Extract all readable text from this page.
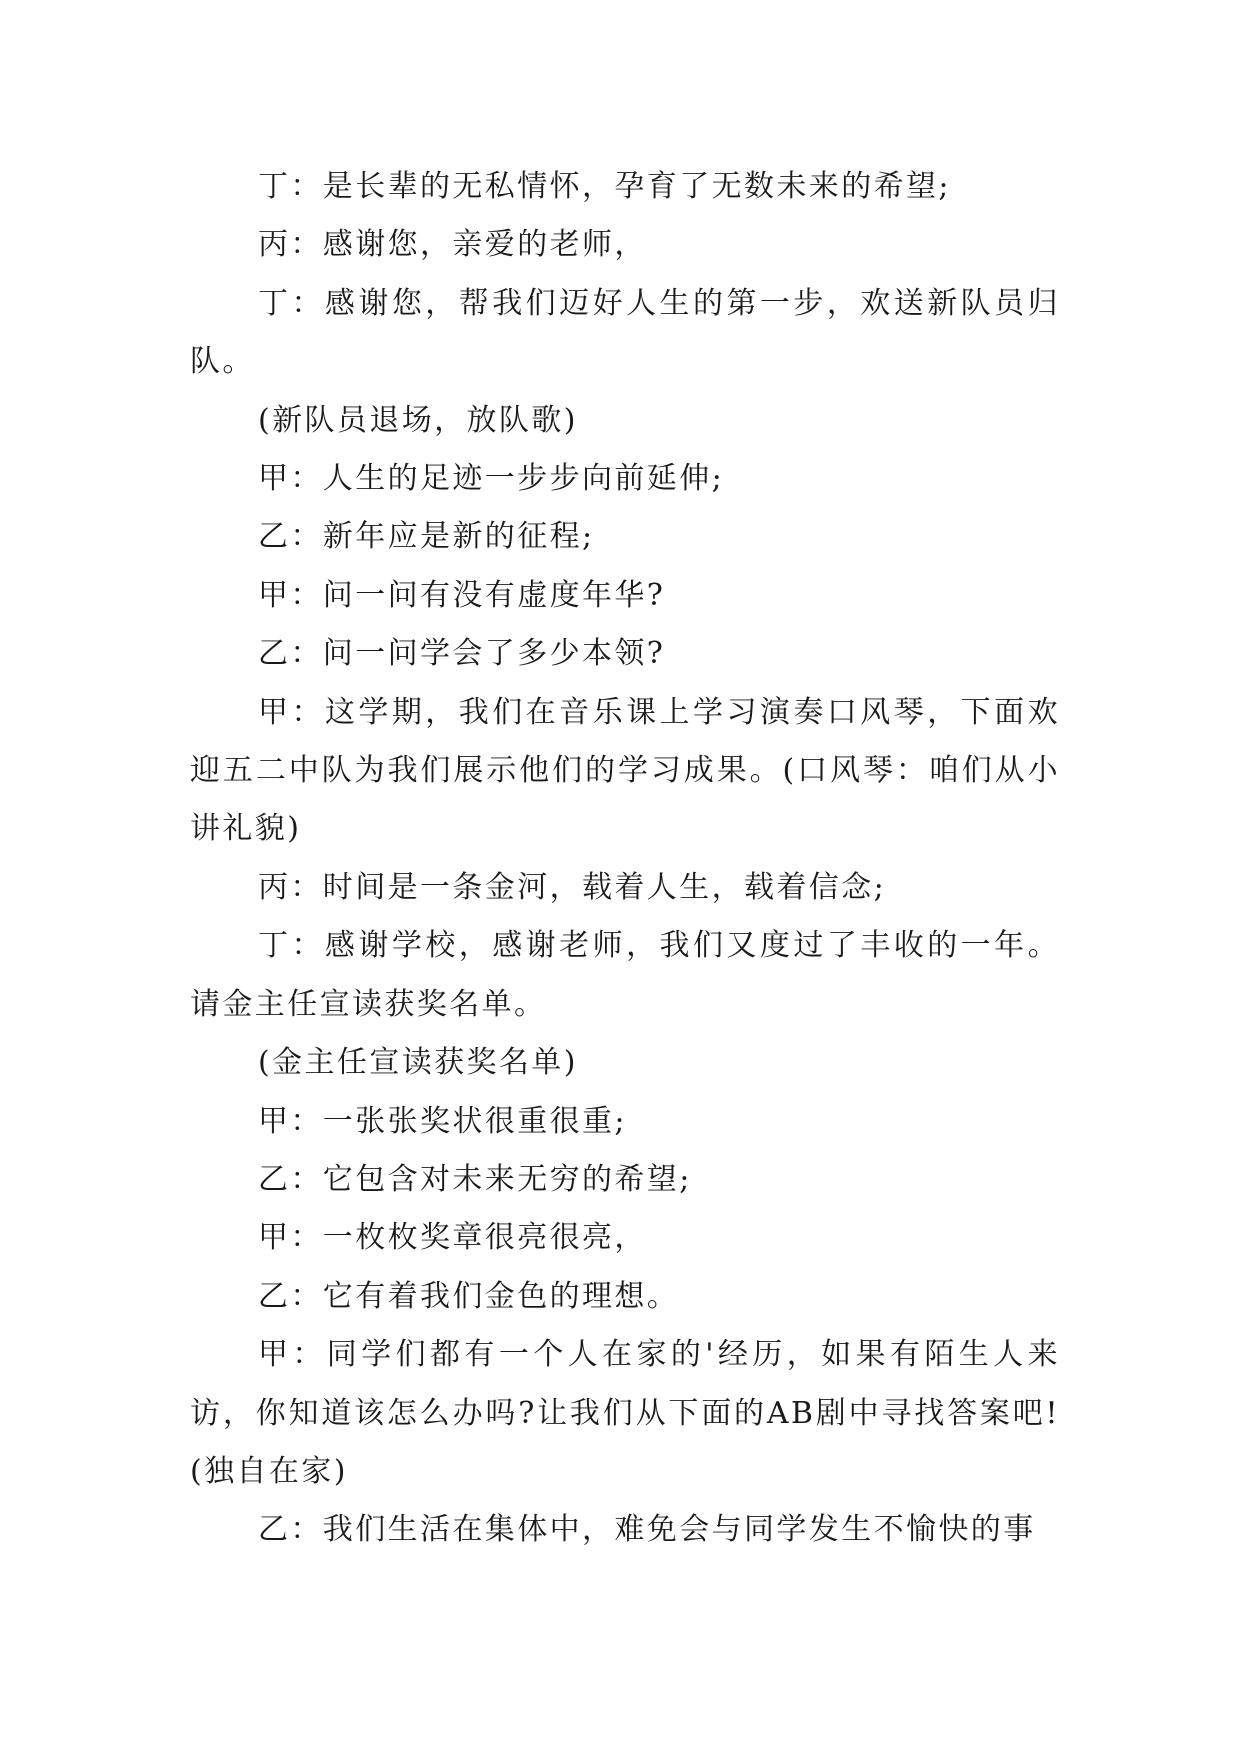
丁：是长辈的无私情怀，孕育了无数未来的希望;

丙：感谢您，亲爱的老师，

丁：感谢您，帮我们迈好人生的第一步，欢送新队员归队。

(新队员退场，放队歌)

甲：人生的足迹一步步向前延伸;

乙：新年应是新的征程;

甲：问一问有没有虚度年华?

乙：问一问学会了多少本领?

甲：这学期，我们在音乐课上学习演奏口风琴，下面欢迎五二中队为我们展示他们的学习成果。(口风琴：咱们从小讲礼貌)

丙：时间是一条金河，载着人生，载着信念;

丁：感谢学校，感谢老师，我们又度过了丰收的一年。请金主任宣读获奖名单。

(金主任宣读获奖名单)

甲：一张张奖状很重很重;

乙：它包含对未来无穷的希望;

甲：一枚枚奖章很亮很亮，

乙：它有着我们金色的理想。

甲：同学们都有一个人在家的'经历，如果有陌生人来访，你知道该怎么办吗?让我们从下面的AB剧中寻找答案吧!(独自在家)

乙：我们生活在集体中，难免会与同学发生不愉快的事
